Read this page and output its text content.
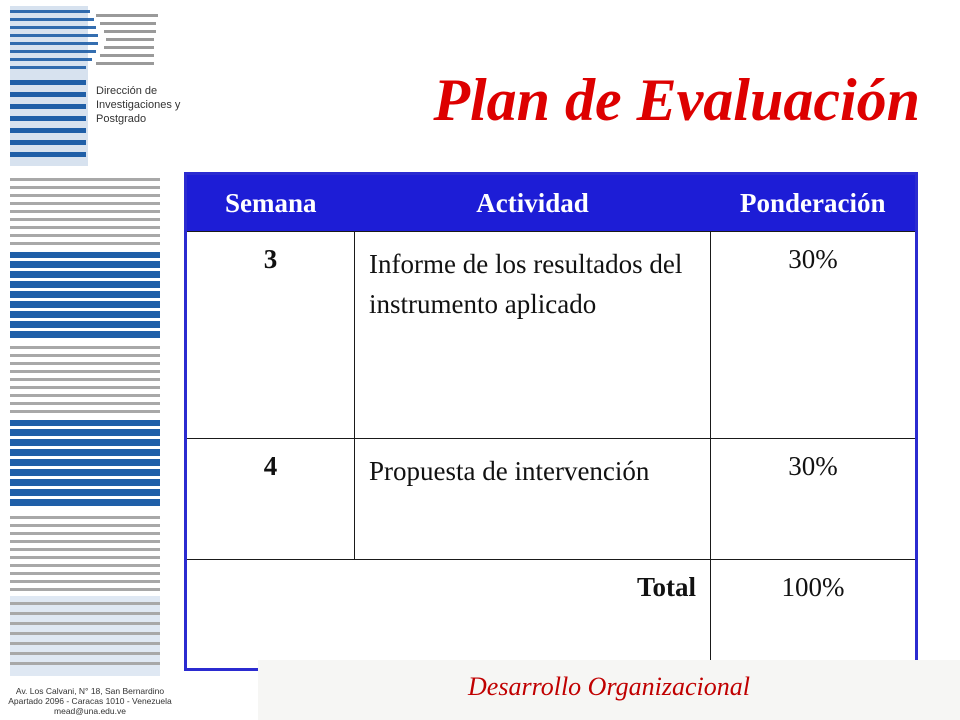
Dirección de
Investigaciones y
Postgrado
Av. Los Calvani, N° 18, San Bernardino
Apartado 2096 - Caracas 1010 - Venezuela
mead@una.edu.ve
Plan de Evaluación
Semana	Actividad	Ponderación
3	Informe de los resultados del instrumento aplicado	30%
4	Propuesta de intervención	30%
Total		100%
Desarrollo Organizacional
